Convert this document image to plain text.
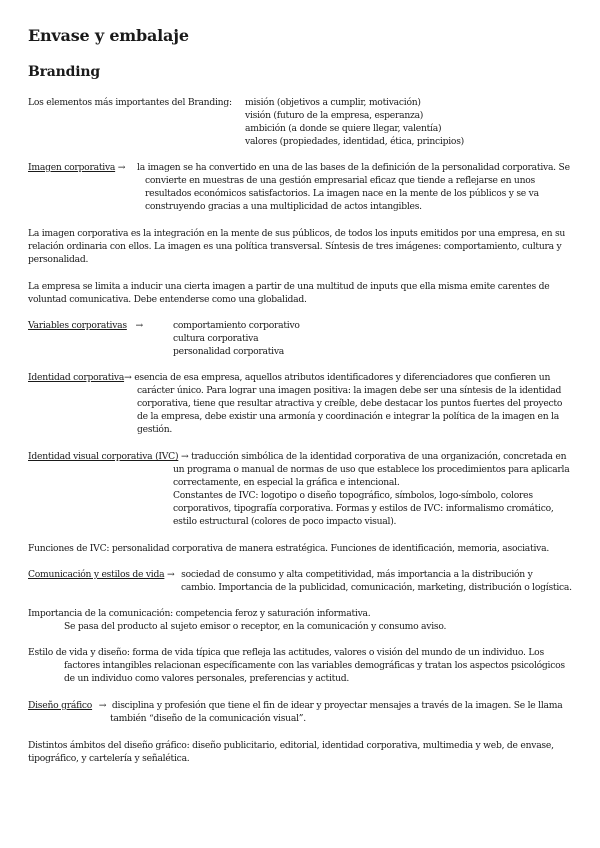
Envase y embalaje
Branding
Los elementos más importantes del Branding: misión (objetivos a cumplir, motivación)
visión (futuro de la empresa, esperanza)
ambición (a donde se quiere llegar, valentía)
valores (propiedades, identidad, ética, principios)
Imagen corporativa → la imagen se ha convertido en una de las bases de la definición de la personalidad corporativa. Se
convierte en muestras de una gestión empresarial eficaz que tiende a reflejarse en unos
resultados económicos satisfactorios. La imagen nace en la mente de los públicos y se va
construyendo gracias a una multiplicidad de actos intangibles.
La imagen corporativa es la integración en la mente de sus públicos, de todos los inputs emitidos por una empresa, en su
relación ordinaria con ellos. La imagen es una política transversal. Síntesis de tres imágenes: comportamiento, cultura y
personalidad.
La empresa se limita a inducir una cierta imagen a partir de una multitud de inputs que ella misma emite carentes de
voluntad comunicativa. Debe entenderse como una globalidad.
Variables corporativas →	comportamiento corporativo
cultura corporativa
personalidad corporativa
Identidad corporativa→ esencia de esa empresa, aquellos atributos identificadores y diferenciadores que confieren un
carácter único. Para lograr una imagen positiva: la imagen debe ser una síntesis de la identidad
corporativa, tiene que resultar atractiva y creíble, debe destacar los puntos fuertes del proyecto
de la empresa, debe existir una armonía y coordinación e integrar la política de la imagen en la
gestión.
Identidad visual corporativa (IVC) → traducción simbólica de la identidad corporativa de una organización, concretada en
un programa o manual de normas de uso que establece los procedimientos para aplicarla
correctamente, en especial la gráfica e intencional.
Constantes de IVC: logotipo o diseño topográfico, símbolos, logo-símbolo, colores
corporativos, tipografía corporativa. Formas y estilos de IVC: informalismo cromático,
estilo estructural (colores de poco impacto visual).
Funciones de IVC: personalidad corporativa de manera estratégica. Funciones de identificación, memoria, asociativa.
Comunicación y estilos de vida → sociedad de consumo y alta competitividad, más importancia a la distribución y
cambio. Importancia de la publicidad, comunicación, marketing, distribución o logística.
Importancia de la comunicación: competencia feroz y saturación informativa.
Se pasa del producto al sujeto emisor o receptor, en la comunicación y consumo aviso.
Estilo de vida y diseño: forma de vida típica que refleja las actitudes, valores o visión del mundo de un individuo. Los
factores intangibles relacionan específicamente con las variables demográficas y tratan los aspectos psicológicos
de un individuo como valores personales, preferencias y actitud.
Diseño gráfico → disciplina y profesión que tiene el fin de idear y proyectar mensajes a través de la imagen. Se le llama
también “diseño de la comunicación visual”.
Distintos ámbitos del diseño gráfico: diseño publicitario, editorial, identidad corporativa, multimedia y web, de envase,
tipográfico, y cartelería y señalética.
